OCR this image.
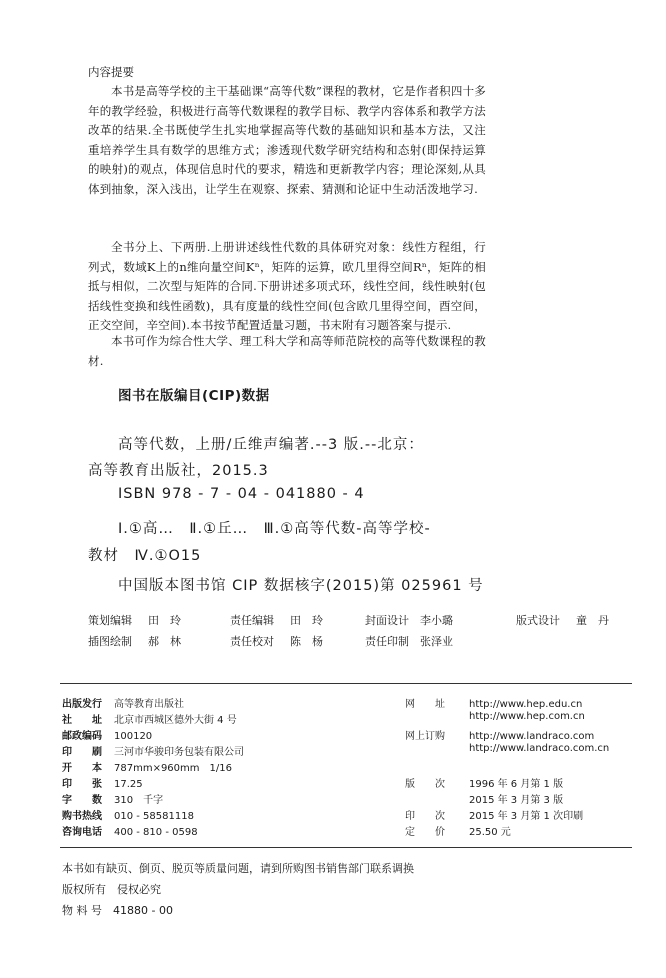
内容提要
本书是高等学校的主干基础课“高等代数”课程的教材，它是作者积四十多年的教学经验，积极进行高等代数课程的教学目标、教学内容体系和教学方法改革的结果.全书既使学生扎实地掌握高等代数的基础知识和基本方法，又注重培养学生具有数学的思维方式；渗透现代数学研究结构和态射(即保持运算的映射)的观点，体现信息时代的要求，精选和更新教学内容；理论深刻,从具体到抽象，深入浅出，让学生在观察、探索、猜测和论证中生动活泼地学习.
全书分上、下两册.上册讲述线性代数的具体研究对象：线性方程组，行列式，数域K上的n维向量空间Kⁿ，矩阵的运算，欧几里得空间Rⁿ，矩阵的相抵与相似，二次型与矩阵的合同.下册讲述多项式环，线性空间，线性映射(包括线性变换和线性函数)，具有度量的线性空间(包含欧几里得空间，酉空间，正交空间，辛空间).本书按节配置适量习题，书末附有习题答案与提示.
本书可作为综合性大学、理工科大学和高等师范院校的高等代数课程的教材.
图书在版编目(CIP)数据
高等代数，上册/丘维声编著.--3 版.--北京：
高等教育出版社，2015.3
ISBN 978 - 7 - 04 - 041880 - 4
Ⅰ.①高…　Ⅱ.①丘…　Ⅲ.①高等代数-高等学校-
教材　Ⅳ.①O15
中国版本图书馆 CIP 数据核字(2015)第 025961 号
策划编辑 田　玲	责任编辑 田　玲	封面设计 李小璐	版式设计 童　丹
插图绘制 郝　林	责任校对 陈　杨	责任印制 张泽业
出版发行 高等教育出版社
社　　址 北京市西城区德外大街 4 号
邮政编码 100120
印　　刷 三河市华骏印务包装有限公司
开　　本 787mm×960mm　1/16
印　　张 17.25
字　　数 310　千字
购书热线 010 - 58581118
咨询电话 400 - 810 - 0598
网　　址 http://www.hep.edu.cn
http://www.hep.com.cn
网上订购 http://www.landraco.com
http://www.landraco.com.cn
版　　次 1996 年 6 月第 1 版
2015 年 3 月第 3 版
印　　次 2015 年 3 月第 1 次印刷
定　　价 25.50 元
本书如有缺页、倒页、脱页等质量问题，请到所购图书销售部门联系调换
版权所有　侵权必究
物 料 号　41880 - 00
